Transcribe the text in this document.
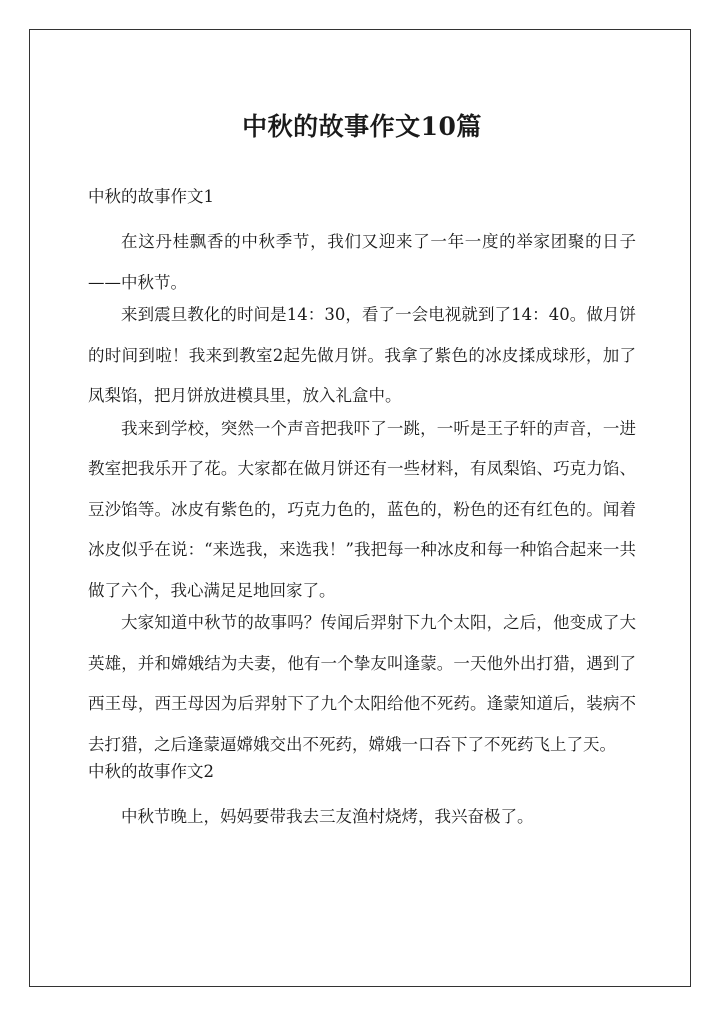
中秋的故事作文10篇
中秋的故事作文1

在这丹桂飘香的中秋季节，我们又迎来了一年一度的举家团聚的日子——中秋节。

来到震旦教化的时间是14：30，看了一会电视就到了14：40。做月饼的时间到啦！我来到教室2起先做月饼。我拿了紫色的冰皮揉成球形，加了凤梨馅，把月饼放进模具里，放入礼盒中。

我来到学校，突然一个声音把我吓了一跳，一听是王子轩的声音，一进教室把我乐开了花。大家都在做月饼还有一些材料，有凤梨馅、巧克力馅、豆沙馅等。冰皮有紫色的，巧克力色的，蓝色的，粉色的还有红色的。闻着冰皮似乎在说：“来选我，来选我！”我把每一种冰皮和每一种馅合起来一共做了六个，我心满足足地回家了。

大家知道中秋节的故事吗？传闻后羿射下九个太阳，之后，他变成了大英雄，并和嫦娥结为夫妻，他有一个挚友叫逢蒙。一天他外出打猎，遇到了西王母，西王母因为后羿射下了九个太阳给他不死药。逢蒙知道后，装病不去打猎，之后逢蒙逼嫦娥交出不死药，嫦娥一口吞下了不死药飞上了天。

中秋的故事作文2

中秋节晚上，妈妈要带我去三友渔村烧烤，我兴奋极了。
